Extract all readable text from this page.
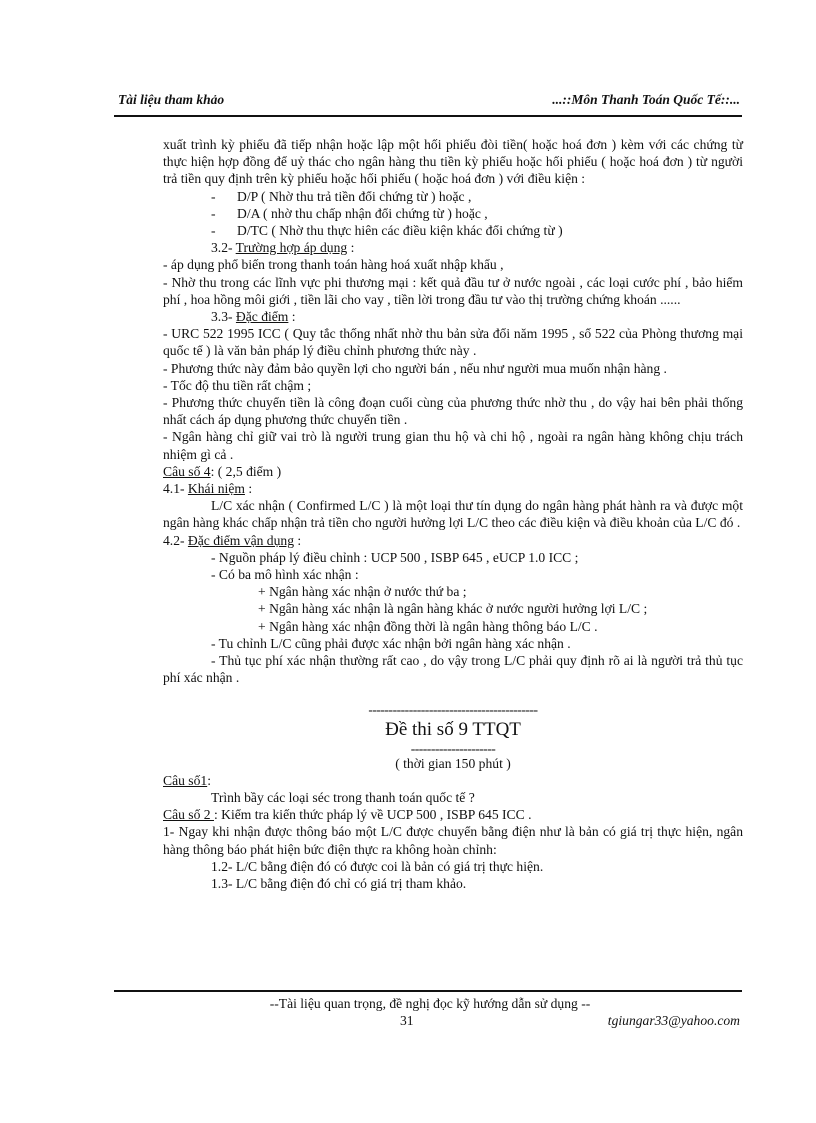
Tài liệu tham khảo	...::Môn Thanh Toán Quốc Tế::...

xuất trình kỳ phiếu đã tiếp nhận hoặc lập một hối phiếu đòi tiền( hoặc hoá đơn ) kèm với các chứng từ thực hiện hợp đồng để uỷ thác cho ngân hàng thu tiền kỳ phiếu hoặc hối phiếu ( hoặc hoá đơn ) từ người trả tiền quy định trên kỳ phiếu hoặc hối phiếu ( hoặc hoá đơn ) với điều kiện :

-	D/P ( Nhờ thu trả tiền đổi chứng từ ) hoặc ,
-	D/A ( nhờ thu chấp nhận đổi chứng từ ) hoặc ,
-	D/TC ( Nhờ thu thực hiên các điều kiện khác đổi chứng từ )

3.2- Trường hợp áp dụng :

- áp dụng phổ biến trong thanh toán hàng hoá xuất nhập khẩu ,

- Nhờ thu trong các lĩnh vực phi thương mại : kết quả đầu tư ở nước ngoài , các loại cước phí , bảo hiểm phí , hoa hồng môi giới , tiền lãi cho vay , tiền lời trong đầu tư vào thị trường chứng khoán ......

3.3- Đặc điểm :

- URC 522 1995 ICC ( Quy tắc thống nhất nhờ thu bản sửa đổi năm 1995 , số 522 của Phòng thương mại quốc tế ) là văn bản pháp lý điều chỉnh phương thức này .

- Phương thức này đảm bảo quyền lợi cho người bán , nếu như người mua muốn nhận hàng .

- Tốc độ thu tiền rất chậm ;

- Phương thức chuyển tiền là công đoạn cuối cùng của phương thức nhờ thu , do vậy hai bên phải thống nhất cách áp dụng phương thức chuyển tiền .

- Ngân hàng chỉ giữ vai trò là người trung gian thu hộ và chi hộ , ngoài ra ngân hàng không chịu trách nhiệm gì cả .

Câu số 4: ( 2,5 điểm )

4.1- Khái niệm :

L/C xác nhận ( Confirmed L/C ) là một loại thư tín dụng do ngân hàng phát hành ra và được một ngân hàng khác chấp nhận trả tiền cho người hưởng lợi L/C theo các điều kiện và điều khoản của L/C đó .

4.2- Đặc điểm vận dụng :

- Nguồn pháp lý điều chỉnh : UCP 500 , ISBP 645 , eUCP 1.0 ICC ;

- Có ba mô hình xác nhận :

+ Ngân hàng xác nhận ở nước thứ ba ;

+ Ngân hàng xác nhận là ngân hàng khác ở nước người hưởng lợi L/C ;

+ Ngân hàng xác nhận đồng thời là ngân hàng thông báo L/C .

- Tu chỉnh L/C cũng phải được xác nhận bởi ngân hàng xác nhận .

- Thủ tục phí xác nhận thường rất cao , do vậy trong L/C phải quy định rõ ai là người trả thủ tục phí xác nhận .

------------------------------------------

Đề thi số 9 TTQT

---------------------

( thời gian 150 phút )

Câu số1:

Trình bầy các loại séc trong thanh toán quốc tế ?

Câu số 2 : Kiểm tra kiến thức pháp lý về UCP 500 , ISBP 645 ICC .

1- Ngay khi nhận được thông báo một L/C được chuyển bằng điện như là bản có giá trị thực hiện, ngân hàng thông báo phát hiện bức điện thực ra không hoàn chỉnh:

1.2- L/C bằng điện đó có được coi là bản có giá trị thực hiện.

1.3- L/C bằng điện đó chỉ có giá trị tham khảo.

--Tài liệu quan trọng, đề nghị đọc kỹ hướng dẫn sử dụng --
31	tgiungar33@yahoo.com
